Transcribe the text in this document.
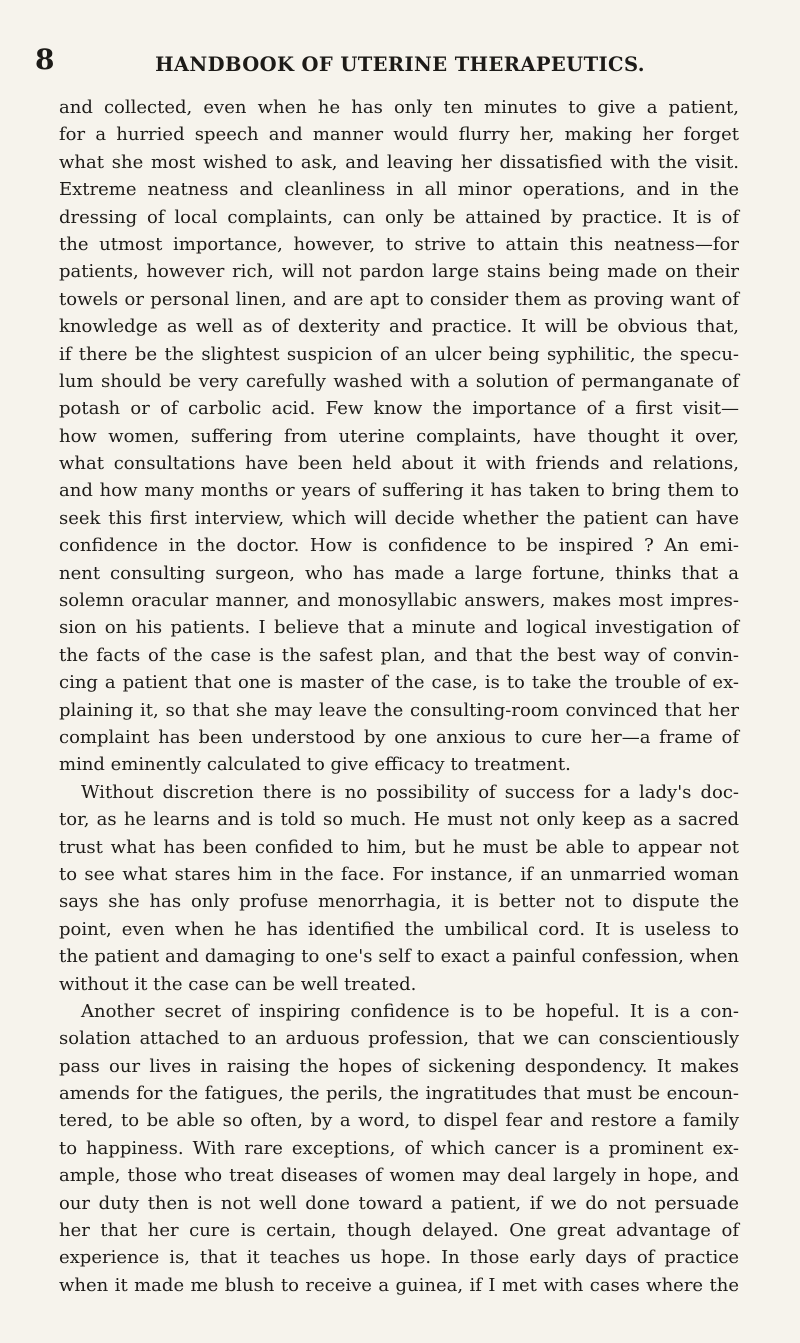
8	HANDBOOK OF UTERINE THERAPEUTICS.
and collected, even when he has only ten minutes to give a patient,
for a hurried speech and manner would flurry her, making her forget
what she most wished to ask, and leaving her dissatisfied with the visit.
Extreme neatness and cleanliness in all minor operations, and in the
dressing of local complaints, can only be attained by practice. It is of
the utmost importance, however, to strive to attain this neatness—for
patients, however rich, will not pardon large stains being made on their
towels or personal linen, and are apt to consider them as proving want of
knowledge as well as of dexterity and practice. It will be obvious that,
if there be the slightest suspicion of an ulcer being syphilitic, the specu-
lum should be very carefully washed with a solution of permanganate of
potash or of carbolic acid. Few know the importance of a first visit—
how women, suffering from uterine complaints, have thought it over,
what consultations have been held about it with friends and relations,
and how many months or years of suffering it has taken to bring them to
seek this first interview, which will decide whether the patient can have
confidence in the doctor. How is confidence to be inspired ? An emi-
nent consulting surgeon, who has made a large fortune, thinks that a
solemn oracular manner, and monosyllabic answers, makes most impres-
sion on his patients. I believe that a minute and logical investigation of
the facts of the case is the safest plan, and that the best way of convin-
cing a patient that one is master of the case, is to take the trouble of ex-
plaining it, so that she may leave the consulting-room convinced that her
complaint has been understood by one anxious to cure her—a frame of
mind eminently calculated to give efficacy to treatment.
Without discretion there is no possibility of success for a lady's doc-
tor, as he learns and is told so much. He must not only keep as a sacred
trust what has been confided to him, but he must be able to appear not
to see what stares him in the face. For instance, if an unmarried woman
says she has only profuse menorrhagia, it is better not to dispute the
point, even when he has identified the umbilical cord. It is useless to
the patient and damaging to one's self to exact a painful confession, when
without it the case can be well treated.
Another secret of inspiring confidence is to be hopeful. It is a con-
solation attached to an arduous profession, that we can conscientiously
pass our lives in raising the hopes of sickening despondency. It makes
amends for the fatigues, the perils, the ingratitudes that must be encoun-
tered, to be able so often, by a word, to dispel fear and restore a family
to happiness. With rare exceptions, of which cancer is a prominent ex-
ample, those who treat diseases of women may deal largely in hope, and
our duty then is not well done toward a patient, if we do not persuade
her that her cure is certain, though delayed. One great advantage of
experience is, that it teaches us hope. In those early days of practice
when it made me blush to receive a guinea, if I met with cases where the
